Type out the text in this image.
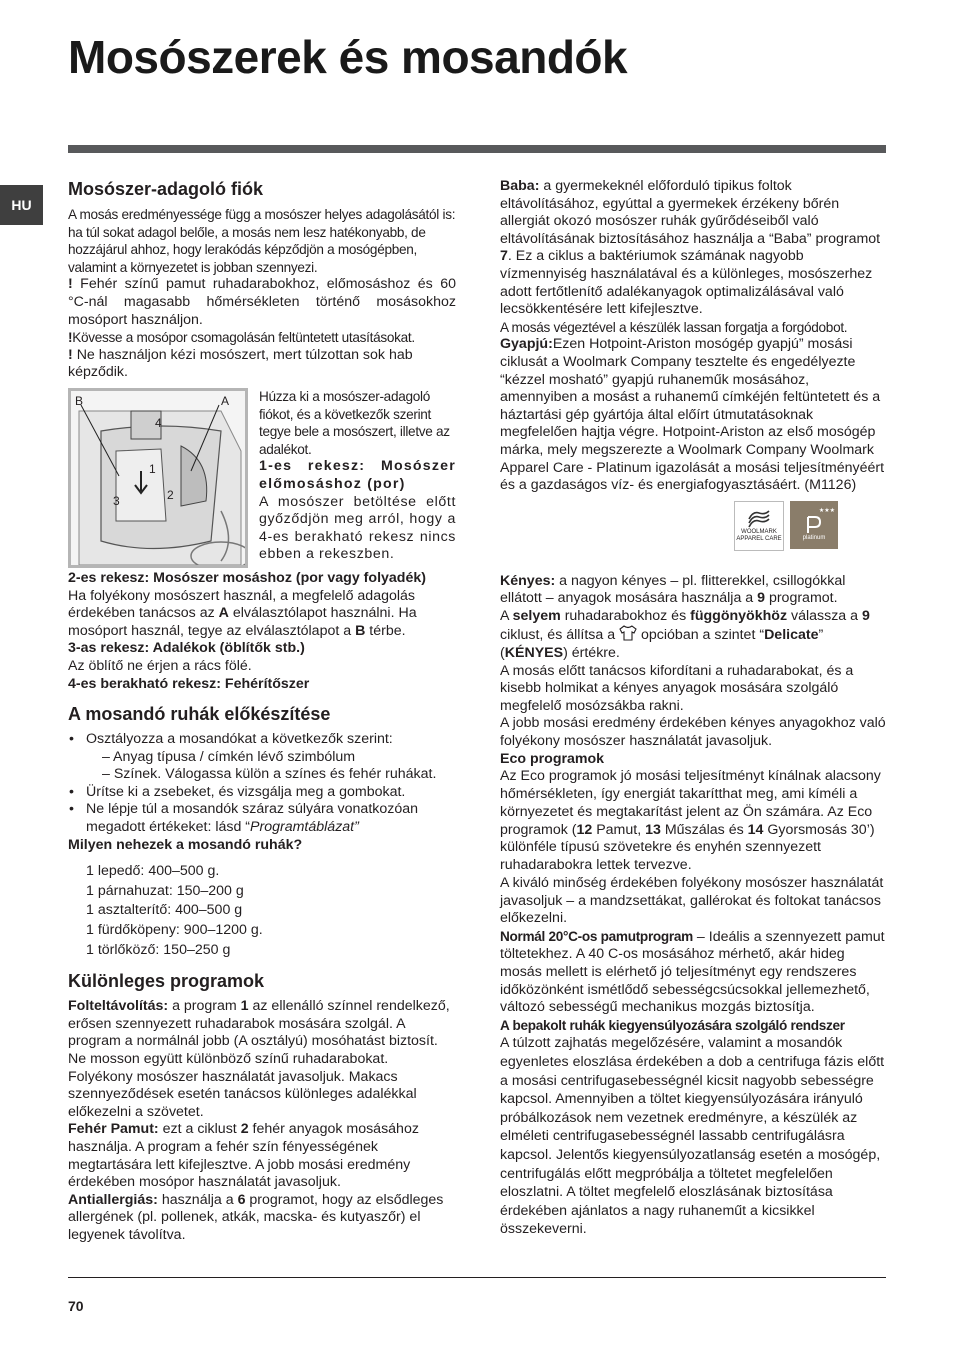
Mosószerek és mosandók
HU
Mosószer-adagoló fiók

A mosás eredményessége függ a mosószer helyes adagolásától is: ha túl sokat adagol belőle, a mosás nem lesz hatékonyabb, de hozzájárul ahhoz, hogy lerakódás képződjön a mosógépben, valamint a környezetet is jobban szennyezi.

! Fehér színű pamut ruhadarabokhoz, előmosáshoz és 60 °C-nál magasabb hőmérsékleten történő mosásokhoz mosóport használjon.

!Kövesse a mosópor csomagolásán feltüntetett utasításokat.

! Ne használjon kézi mosószert, mert túlzottan sok hab képződik.

B	A
4
1
2
3

Húzza ki a mosószer-adagoló fiókot, és a következők szerint tegye bele a mosószert, illetve az adalékot.

1-es rekesz: Mosószer előmosáshoz (por)

A mosószer betöltése előtt győződjön meg arról, hogy a 4-es berakható rekesz nincs ebben a rekeszben.

2-es rekesz: Mosószer mosáshoz (por vagy folyadék)

Ha folyékony mosószert használ, a megfelelő adagolás érdekében tanácsos az A elválasztólapot használni. Ha mosóport használ, tegye az elválasztólapot a B térbe.

3-as rekesz: Adalékok (öblítők stb.)

Az öblítő ne érjen a rács fölé.

4-es berakható rekesz: Fehérítőszer

A mosandó ruhák előkészítése
• Osztályozza a mosandókat a következők szerint:
– Anyag típusa / címkén lévő szimbólum
– Színek. Válogassa külön a színes és fehér ruhákat.
• Ürítse ki a zsebeket, és vizsgálja meg a gombokat.
• Ne lépje túl a mosandók száraz súlyára vonatkozóan megadott értékeket: lásd “Programtáblázat”

Milyen nehezek a mosandó ruhák?

1 lepedő: 400–500 g.
1 párnahuzat: 150–200 g
1 asztalterítő: 400–500 g
1 fürdőköpeny: 900–1200 g.
1 törlőköző: 150–250 g
Különleges programok

Folteltávolítás: a program 1 az ellenálló színnel rendelkező, erősen szennyezett ruhadarabok mosására szolgál. A program a normálnál jobb (A osztályú) mosóhatást biztosít. Ne mosson együtt különböző színű ruhadarabokat. Folyékony mosószer használatát javasoljuk. Makacs szennyeződések esetén tanácsos különleges adalékkal előkezelni a szövetet.

Fehér Pamut: ezt a ciklust 2 fehér anyagok mosásához használja. A program a fehér szín fényességének megtartására lett kifejlesztve. A jobb mosási eredmény érdekében mosópor használatát javasoljuk.

Antiallergiás: használja a 6 programot, hogy az elsődleges allergének (pl. pollenek, atkák, macska- és kutyaszőr) el legyenek távolítva.

Baba: a gyermekeknél előforduló tipikus foltok eltávolításához, egyúttal a gyermekek érzékeny bőrén allergiát okozó mosószer ruhák gyűrődéseiből való eltávolításának biztosításához használja a “Baba” programot 7. Ez a ciklus a baktériumok számának nagyobb vízmennyiség használatával és a különleges, mosószerhez adott fertőtlenítő adalékanyagok optimalizálásával való lecsökkentésére lett kifejlesztve.

A mosás végeztével a készülék lassan forgatja a forgódobot.

Gyapjú:Ezen Hotpoint-Ariston mosógép gyapjú” mosási ciklusát a Woolmark Company tesztelte és engedélyezte “kézzel mosható” gyapjú ruhaneműk mosásához, amennyiben a mosást a ruhanemű címkéjén feltüntetett és a háztartási gép gyártója által előírt útmutatásoknak megfelelően hajtja végre. Hotpoint-Ariston az első mosógép márka, mely megszerezte a Woolmark Company Woolmark Apparel Care - Platinum igazolását a mosási teljesítményéért és a gazdaságos víz- és energiafogyasztásáért. (M1126)

WOOLMARK
APPAREL CARE
★★★
platinum

Kényes: a nagyon kényes – pl. flitterekkel, csillogókkal ellátott – anyagok mosására használja a 9 programot.

A selyem ruhadarabokhoz és függönyökhöz válassza a 9 ciklust, és állítsa a  opcióban a szintet “Delicate” (KÉNYES) értékre.

A mosás előtt tanácsos kifordítani a ruhadarabokat, és a kisebb holmikat a kényes anyagok mosására szolgáló megfelelő mosózsákba rakni.

A jobb mosási eredmény érdekében kényes anyagokhoz való folyékony mosószer használatát javasoljuk.

Eco programok

Az Eco programok jó mosási teljesítményt kínálnak alacsony hőmérsékleten, így energiát takarítthat meg, ami kíméli a környezetet és megtakarítást jelent az Ön számára. Az Eco programok (12 Pamut, 13 Műszálas és 14 Gyorsmosás 30’) különféle típusú szövetekre és enyhén szennyezett ruhadarabokra lettek tervezve.

A kiváló minőség érdekében folyékony mosószer használatát javasoljuk – a mandzsettákat, gallérokat és foltokat tanácsos előkezelni.

Normál 20°C-os pamutprogram – Ideális a szennyezett pamut töltetekhez. A 40 C-os mosásához mérhető, akár hideg mosás mellett is elérhető jó teljesítményt egy rendszeres időközönként ismétlődő sebességcsúcsokkal jellemezhető, változó sebességű mechanikus mozgás biztosítja.

A bepakolt ruhák kiegyensúlyozására szolgáló rendszer

A túlzott zajhatás megelőzésére, valamint a mosandók egyenletes eloszlása érdekében a dob a centrifuga fázis előtt a mosási centrifugasebességnél kicsit nagyobb sebességre kapcsol. Amennyiben a töltet kiegyensúlyozására irányuló próbálkozások nem vezetnek eredményre, a készülék az elméleti centrifugasebességnél lassabb centrifugálásra kapcsol. Jelentős kiegyensúlyozatlanság esetén a mosógép, centrifugálás előtt megpróbálja a töltetet megfelelően eloszlatni. A töltet megfelelő eloszlásának biztosítása érdekében ajánlatos a nagy ruhaneműt a kicsikkel összekeverni.

70
